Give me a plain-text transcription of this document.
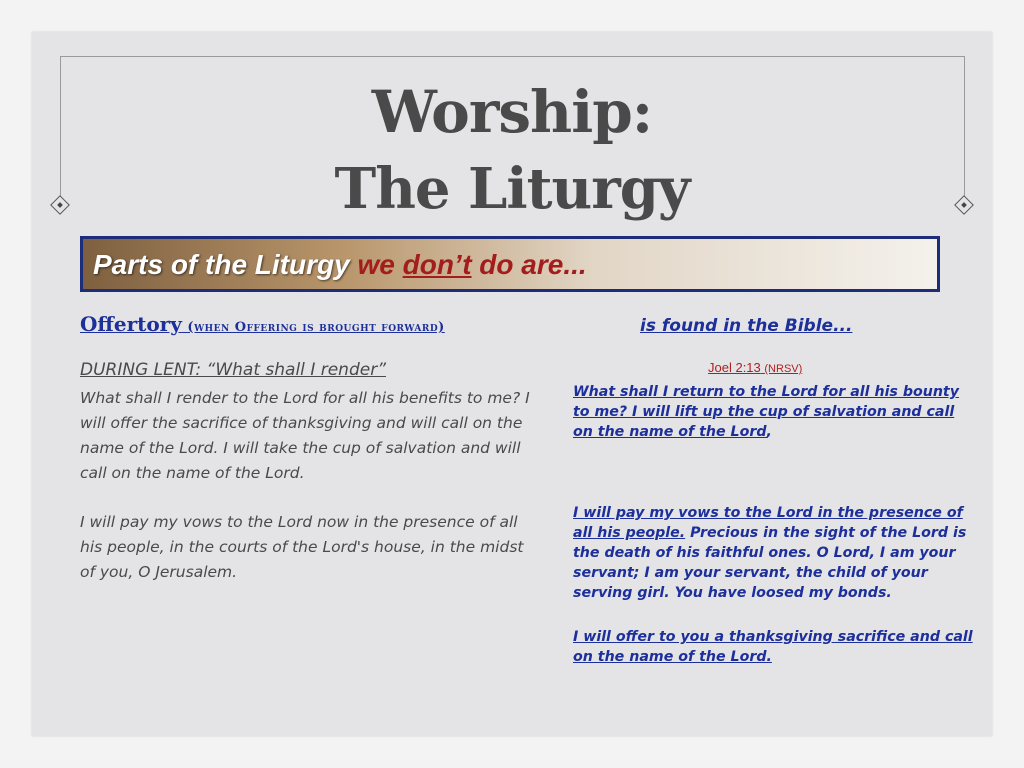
Worship:
The Liturgy
Parts of the Liturgy we don’t do are...
Offertory (when Offering is brought forward)	is found in the Bible...
DURING LENT: “What shall I render”
What shall I render to the Lord for all his benefits to me? I will offer the sacrifice of thanksgiving and will call on the name of the Lord. I will take the cup of salvation and will call on the name of the Lord.
I will pay my vows to the Lord now in the presence of all his people, in the courts of the Lord's house, in the midst of you, O Jerusalem.
Joel 2:13 (NRSV)
What shall I return to the Lord for all his bounty to me? I will lift up the cup of salvation and call on the name of the Lord,
I will pay my vows to the Lord in the presence of all his people. Precious in the sight of the Lord is the death of his faithful ones. O Lord, I am your servant; I am your servant, the child of your serving girl. You have loosed my bonds.
I will offer to you a thanksgiving sacrifice and call on the name of the Lord.
